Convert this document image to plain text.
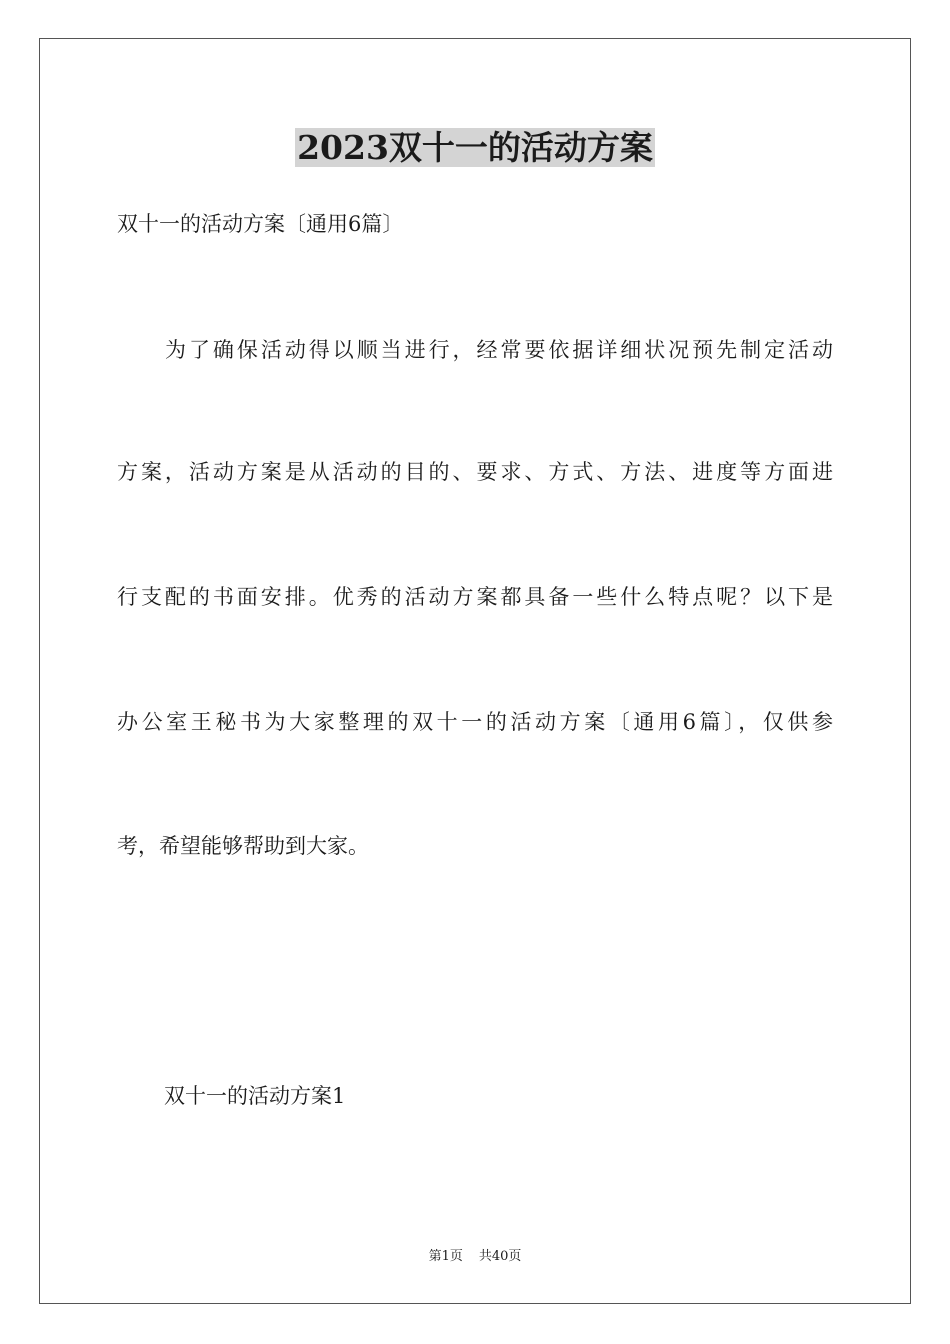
2023双十一的活动方案
双十一的活动方案〔通用6篇〕
为了确保活动得以顺当进行，经常要依据详细状况预先制定活动
方案，活动方案是从活动的目的、要求、方式、方法、进度等方面进
行支配的书面安排。优秀的活动方案都具备一些什么特点呢？以下是
办公室王秘书为大家整理的双十一的活动方案〔通用6篇〕，仅供参
考，希望能够帮助到大家。
双十一的活动方案1
第1页 共40页
